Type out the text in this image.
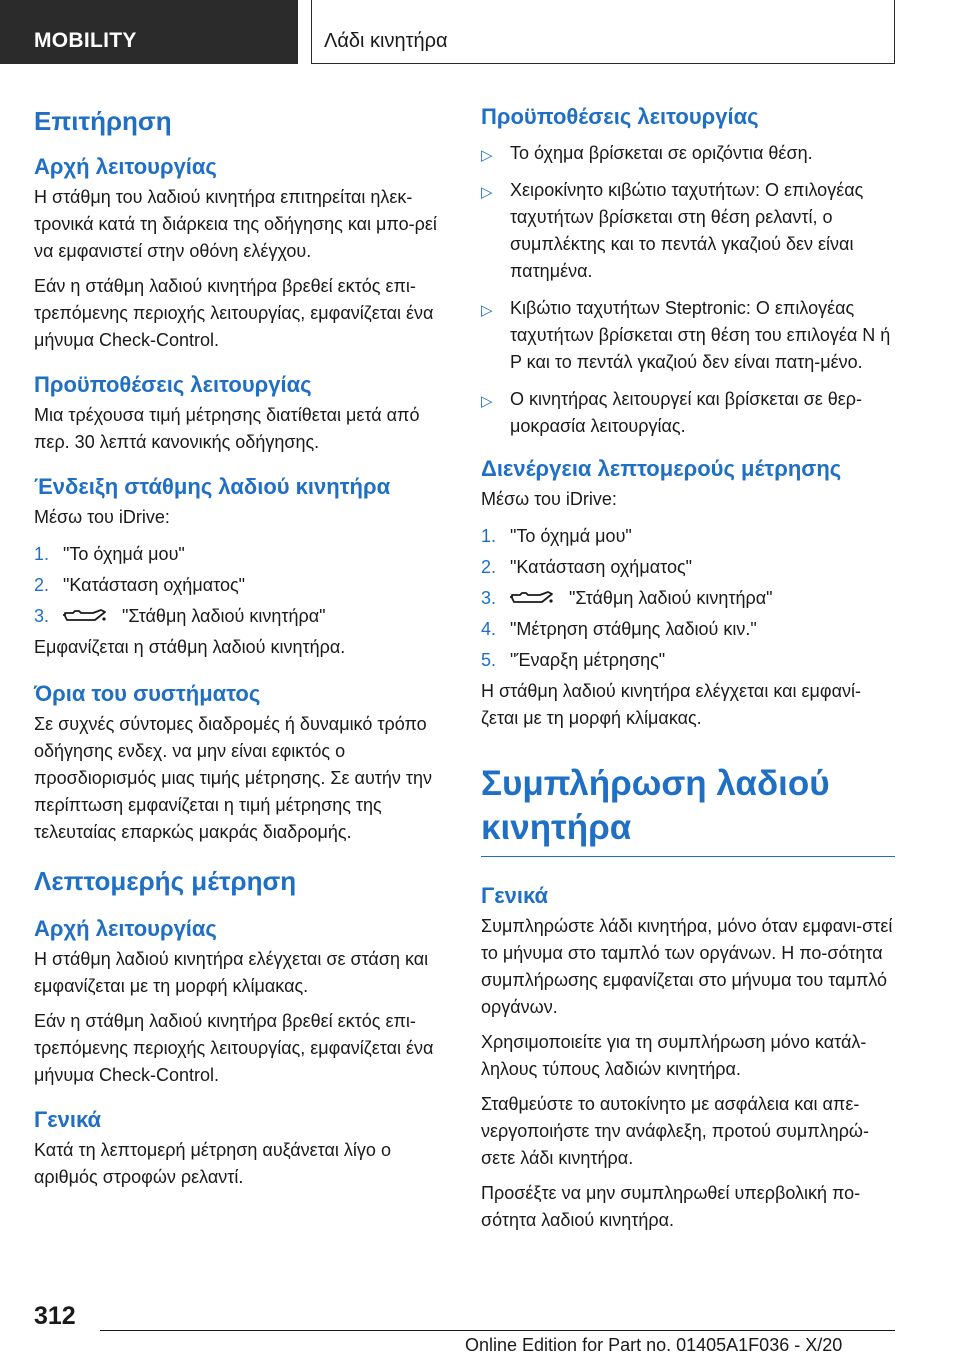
MOBILITY	Λάδι κινητήρα
Επιτήρηση
Αρχή λειτουργίας

Η στάθμη του λαδιού κινητήρα επιτηρείται ηλεκ‐τρονικά κατά τη διάρκεια της οδήγησης και μπο‐ρεί να εμφανιστεί στην οθόνη ελέγχου.

Εάν η στάθμη λαδιού κινητήρα βρεθεί εκτός επι‐τρεπόμενης περιοχής λειτουργίας, εμφανίζεται ένα μήνυμα Check-Control.

Προϋποθέσεις λειτουργίας

Μια τρέχουσα τιμή μέτρησης διατίθεται μετά από περ. 30 λεπτά κανονικής οδήγησης.

Ένδειξη στάθμης λαδιού κινητήρα

Μέσω του iDrive:

1. "Το όχημά μου"
2. "Κατάσταση οχήματος"
3.	"Στάθμη λαδιού κινητήρα"

Εμφανίζεται η στάθμη λαδιού κινητήρα.

Όρια του συστήματος

Σε συχνές σύντομες διαδρομές ή δυναμικό τρόπο οδήγησης ενδεχ. να μην είναι εφικτός ο προσδιορισμός μιας τιμής μέτρησης. Σε αυτήν την περίπτωση εμφανίζεται η τιμή μέτρησης της τελευταίας επαρκώς μακράς διαδρομής.

Λεπτομερής μέτρηση
Αρχή λειτουργίας

Η στάθμη λαδιού κινητήρα ελέγχεται σε στάση και εμφανίζεται με τη μορφή κλίμακας.

Εάν η στάθμη λαδιού κινητήρα βρεθεί εκτός επι‐τρεπόμενης περιοχής λειτουργίας, εμφανίζεται ένα μήνυμα Check-Control.

Γενικά

Κατά τη λεπτομερή μέτρηση αυξάνεται λίγο ο αριθμός στροφών ρελαντί.

Προϋποθέσεις λειτουργίας
▷ Το όχημα βρίσκεται σε οριζόντια θέση.
▷ Χειροκίνητο κιβώτιο ταχυτήτων: Ο επιλογέας ταχυτήτων βρίσκεται στη θέση ρελαντί, ο συμπλέκτης και το πεντάλ γκαζιού δεν είναι πατημένα.
▷ Κιβώτιο ταχυτήτων Steptronic: Ο επιλογέας ταχυτήτων βρίσκεται στη θέση του επιλογέα N ή P και το πεντάλ γκαζιού δεν είναι πατη‐μένο.
▷ Ο κινητήρας λειτουργεί και βρίσκεται σε θερ‐μοκρασία λειτουργίας.
Διενέργεια λεπτομερούς μέτρησης

Μέσω του iDrive:

1. "Το όχημά μου"
2. "Κατάσταση οχήματος"
3.	"Στάθμη λαδιού κινητήρα"
4. "Μέτρηση στάθμης λαδιού κιν."
5. "Έναρξη μέτρησης"

Η στάθμη λαδιού κινητήρα ελέγχεται και εμφανί‐ζεται με τη μορφή κλίμακας.

Συμπλήρωση λαδιού κινητήρα
Γενικά

Συμπληρώστε λάδι κινητήρα, μόνο όταν εμφανι‐στεί το μήνυμα στο ταμπλό των οργάνων. Η πο‐σότητα συμπλήρωσης εμφανίζεται στο μήνυμα του ταμπλό οργάνων.

Χρησιμοποιείτε για τη συμπλήρωση μόνο κατάλ‐ληλους τύπους λαδιών κινητήρα.

Σταθμεύστε το αυτοκίνητο με ασφάλεια και απε‐νεργοποιήστε την ανάφλεξη, προτού συμπληρώ‐σετε λάδι κινητήρα.

Προσέξτε να μην συμπληρωθεί υπερβολική πο‐σότητα λαδιού κινητήρα.

312
Online Edition for Part no. 01405A1F036 - X/20
